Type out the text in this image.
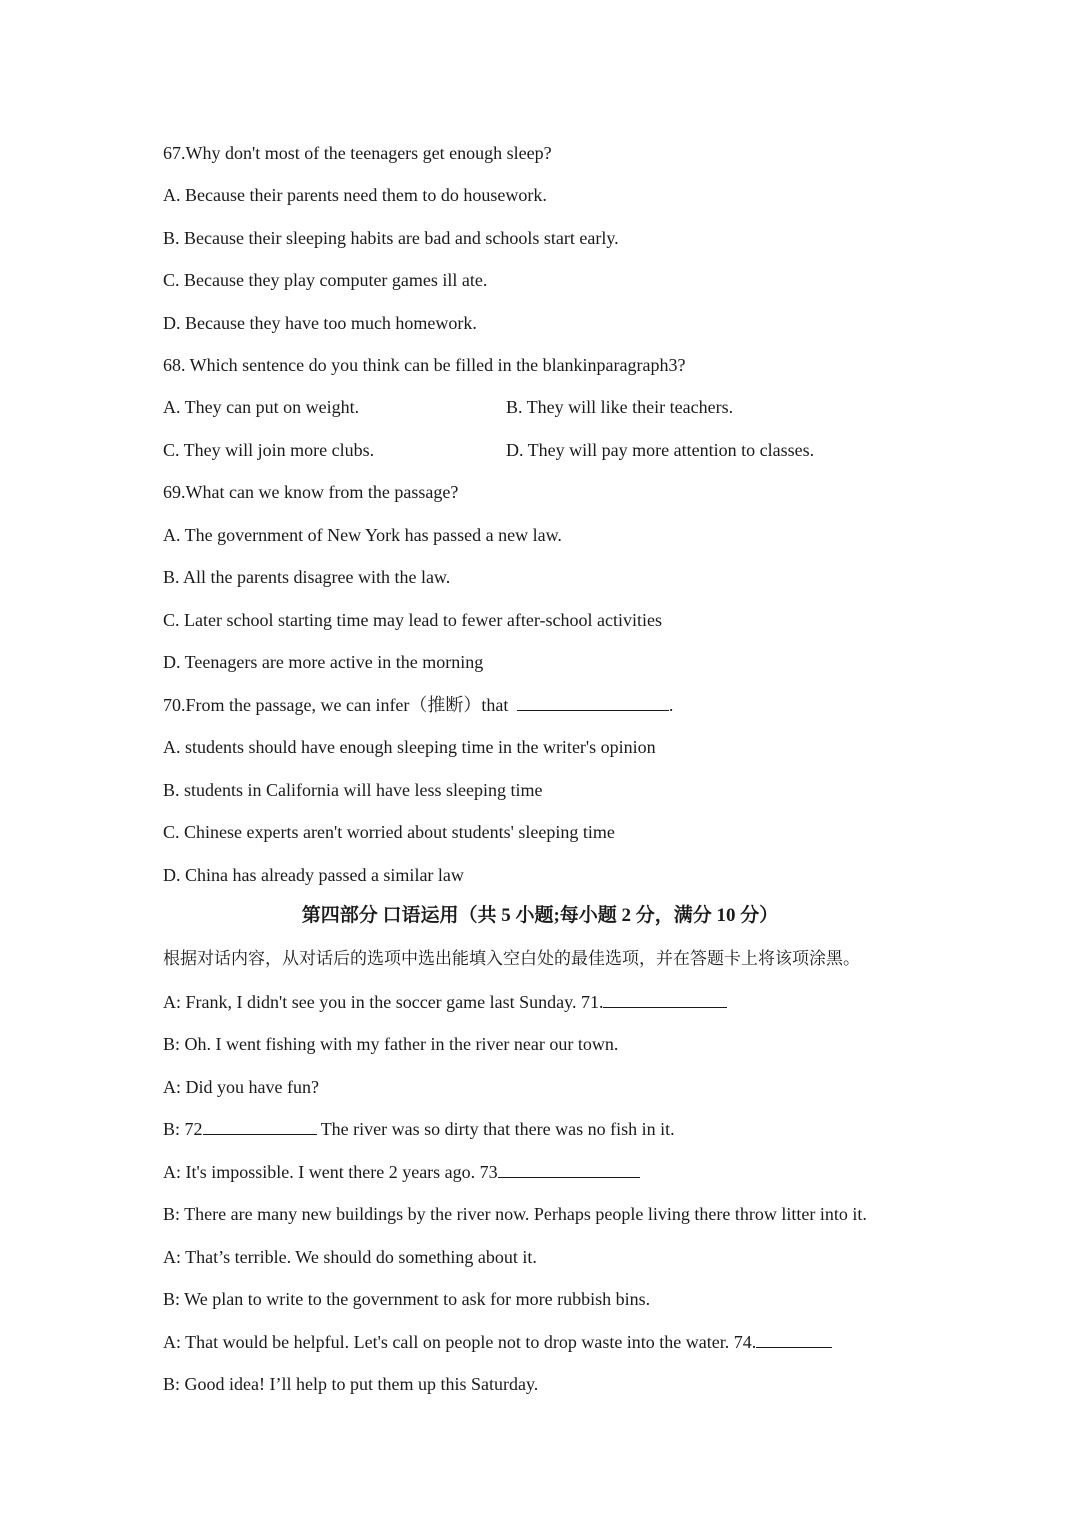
67.Why don't most of the teenagers get enough sleep?
A. Because their parents need them to do housework.
B. Because their sleeping habits are bad and schools start early.
C. Because they play computer games ill ate.
D. Because they have too much homework.
68. Which sentence do you think can be filled in the blankinparagraph3?
A. They can put on weight.	B. They will like their teachers.
C. They will join more clubs.	D. They will pay more attention to classes.
69.What can we know from the passage?
A. The government of New York has passed a new law.
B. All the parents disagree with the law.
C. Later school starting time may lead to fewer after-school activities
D. Teenagers are more active in the morning
70.From the passage, we can infer（推断）that	.
A. students should have enough sleeping time in the writer's opinion
B. students in California will have less sleeping time
C. Chinese experts aren't worried about students' sleeping time
D. China has already passed a similar law
第四部分 口语运用（共 5 小题;每小题 2 分，满分 10 分）
根据对话内容，从对话后的选项中选出能填入空白处的最佳选项，并在答题卡上将该项涂黑。
A: Frank, I didn't see you in the soccer game last Sunday. 71.
B: Oh. I went fishing with my father in the river near our town.
A: Did you have fun?
B: 72	The river was so dirty that there was no fish in it.
A: It's impossible. I went there 2 years ago. 73
B: There are many new buildings by the river now. Perhaps people living there throw litter into it.
A: That’s terrible. We should do something about it.
B: We plan to write to the government to ask for more rubbish bins.
A: That would be helpful. Let's call on people not to drop waste into the water. 74.
B: Good idea! I’ll help to put them up this Saturday.
